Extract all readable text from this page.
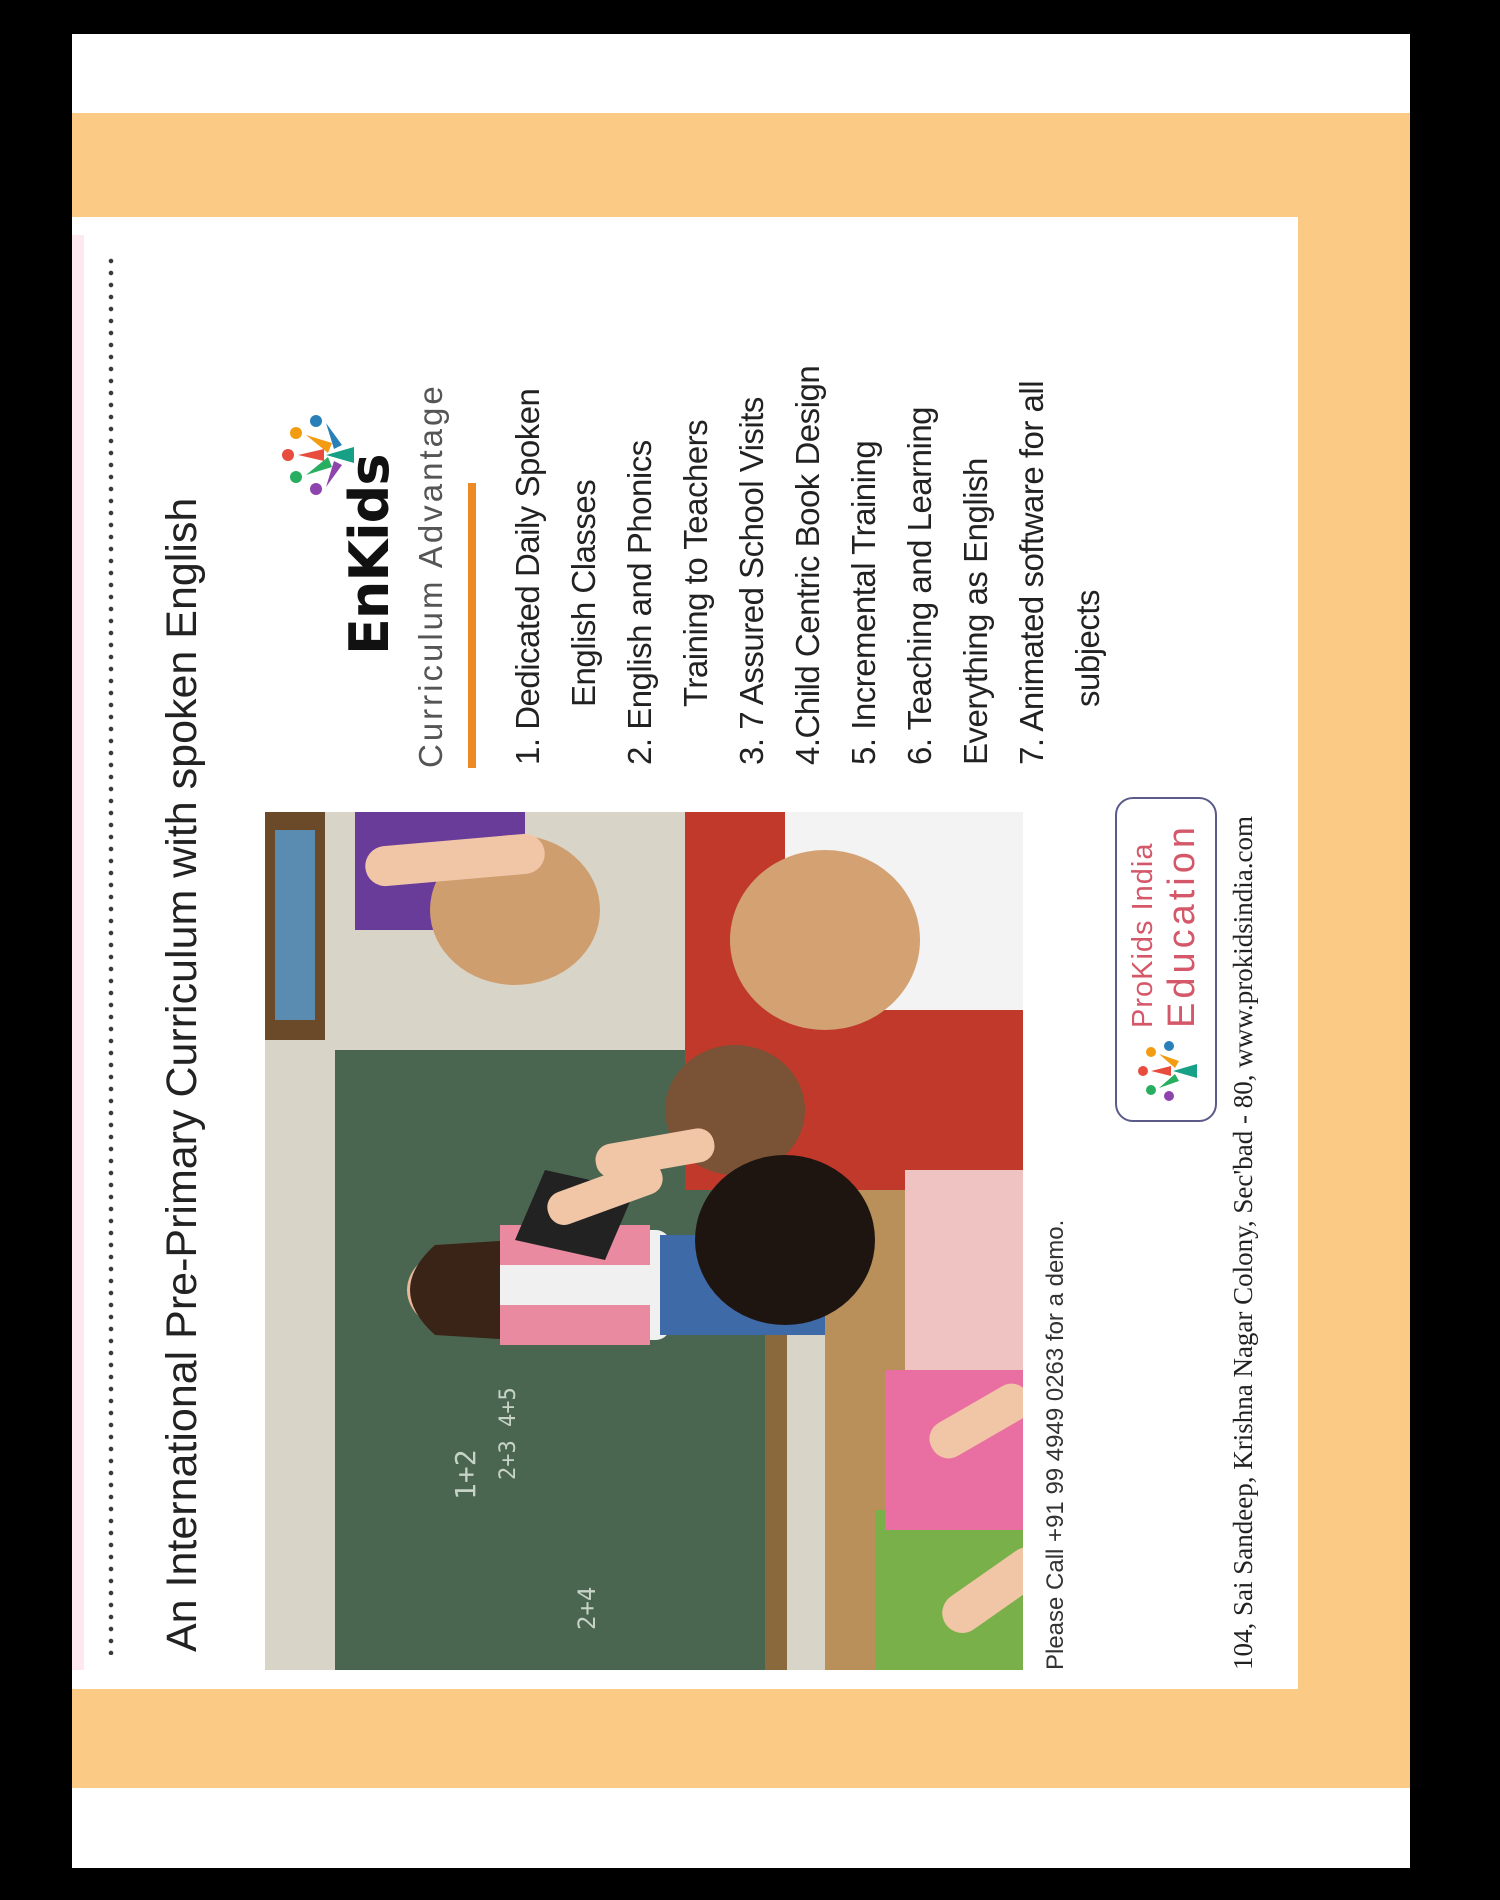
An International Pre-Primary Curriculum with spoken English	1+2 2+3 4+5
2+4
EnKids Curriculum Advantage 1. Dedicated Daily Spoken English Classes 2. English and Phonics Training to Teachers 3. 7 Assured School Visits 4.Child Centric Book Design 5. Incremental Training 6. Teaching and Learning Everything as English 7. Animated software for all subjects
Please Call +91 99 4949 0263 for a demo.
ProKids India Education 104, Sai Sandeep, Krishna Nagar Colony, Sec'bad - 80, www.prokidsindia.com
